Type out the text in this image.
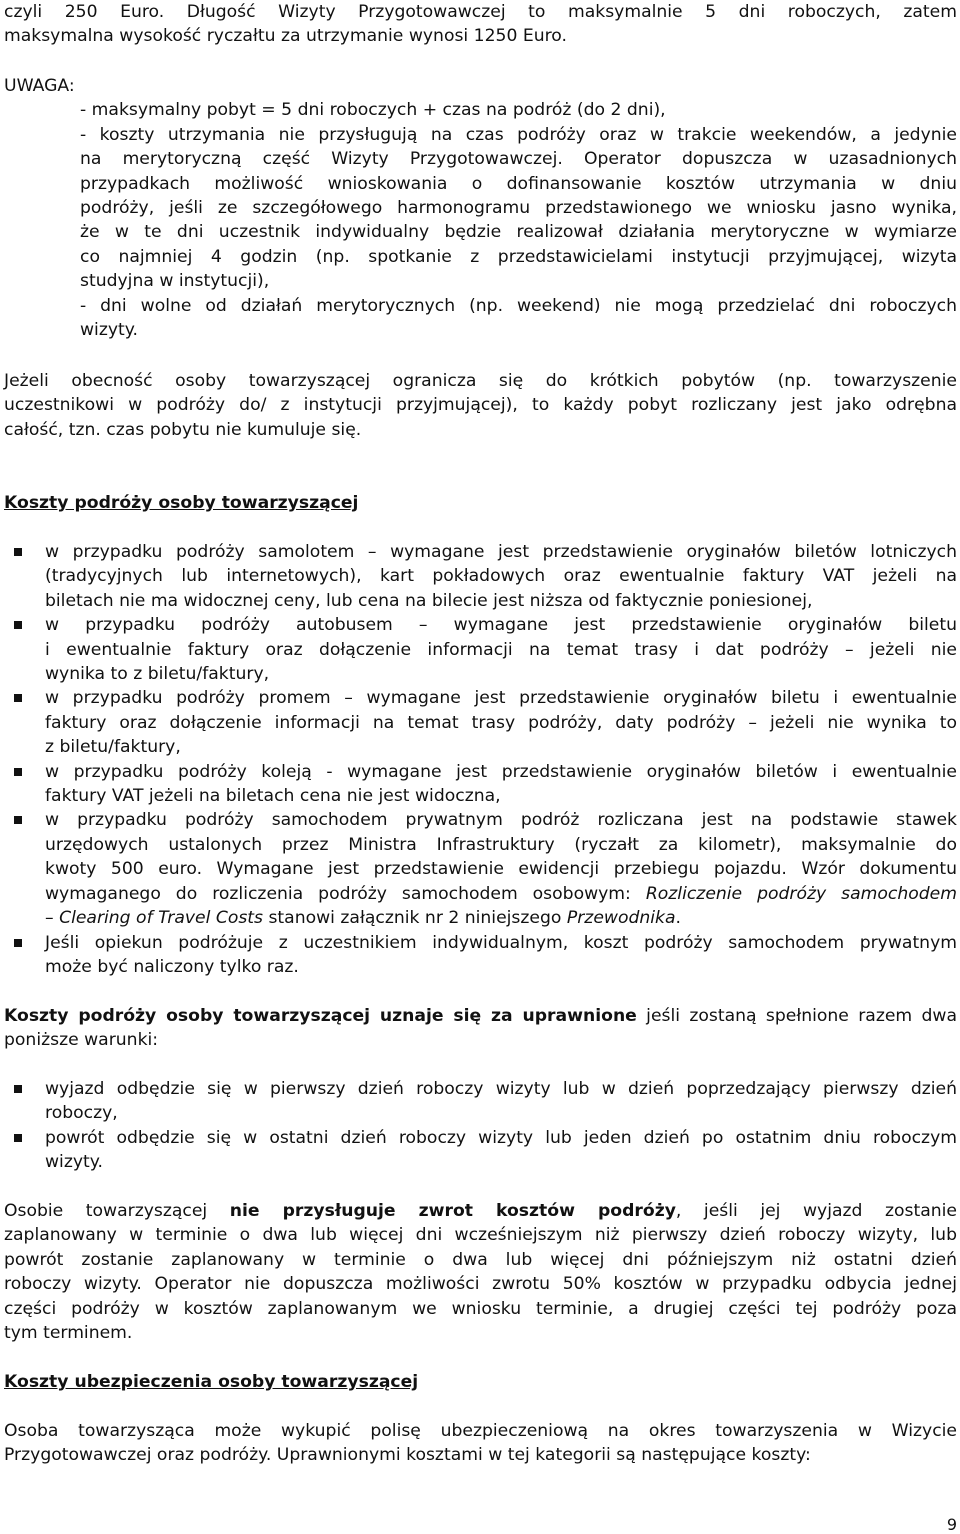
czyli 250 Euro. Długość Wizyty Przygotowawczej to maksymalnie 5 dni roboczych, zatem
maksymalna wysokość ryczałtu za utrzymanie wynosi 1250 Euro.
UWAGA:
- maksymalny pobyt = 5 dni roboczych + czas na podróż (do 2 dni),
- koszty utrzymania nie przysługują na czas podróży oraz w trakcie weekendów, a jedynie
na merytoryczną część Wizyty Przygotowawczej. Operator dopuszcza w uzasadnionych
przypadkach możliwość wnioskowania o dofinansowanie kosztów utrzymania w dniu
podróży, jeśli ze szczegółowego harmonogramu przedstawionego we wniosku jasno wynika,
że w te dni uczestnik indywidualny będzie realizował działania merytoryczne w wymiarze
co najmniej 4 godzin (np. spotkanie z przedstawicielami instytucji przyjmującej, wizyta
studyjna w instytucji),
- dni wolne od działań merytorycznych (np. weekend) nie mogą przedzielać dni roboczych
wizyty.
Jeżeli obecność osoby towarzyszącej ogranicza się do krótkich pobytów (np. towarzyszenie
uczestnikowi w podróży do/ z instytucji przyjmującej), to każdy pobyt rozliczany jest jako odrębna
całość, tzn. czas pobytu nie kumuluje się.
Koszty podróży osoby towarzyszącej
w przypadku podróży samolotem – wymagane jest przedstawienie oryginałów biletów lotniczych
(tradycyjnych lub internetowych), kart pokładowych oraz ewentualnie faktury VAT jeżeli na
biletach nie ma widocznej ceny, lub cena na bilecie jest niższa od faktycznie poniesionej,
w przypadku podróży autobusem – wymagane jest przedstawienie oryginałów biletu
i ewentualnie faktury oraz dołączenie informacji na temat trasy i dat podróży – jeżeli nie
wynika to z biletu/faktury,
w przypadku podróży promem – wymagane jest przedstawienie oryginałów biletu i ewentualnie
faktury oraz dołączenie informacji na temat trasy podróży, daty podróży – jeżeli nie wynika to
z biletu/faktury,
w przypadku podróży koleją - wymagane jest przedstawienie oryginałów biletów i ewentualnie
faktury VAT jeżeli na biletach cena nie jest widoczna,
w przypadku podróży samochodem prywatnym podróż rozliczana jest na podstawie stawek
urzędowych ustalonych przez Ministra Infrastruktury (ryczałt za kilometr), maksymalnie do
kwoty 500 euro. Wymagane jest przedstawienie ewidencji przebiegu pojazdu. Wzór dokumentu
wymaganego do rozliczenia podróży samochodem osobowym: Rozliczenie podróży samochodem
– Clearing of Travel Costs stanowi załącznik nr 2 niniejszego Przewodnika.
Jeśli opiekun podróżuje z uczestnikiem indywidualnym, koszt podróży samochodem prywatnym
może być naliczony tylko raz.
Koszty podróży osoby towarzyszącej uznaje się za uprawnione jeśli zostaną spełnione razem dwa
poniższe warunki:
wyjazd odbędzie się w pierwszy dzień roboczy wizyty lub w dzień poprzedzający pierwszy dzień
roboczy,
powrót odbędzie się w ostatni dzień roboczy wizyty lub jeden dzień po ostatnim dniu roboczym
wizyty.
Osobie towarzyszącej nie przysługuje zwrot kosztów podróży, jeśli jej wyjazd zostanie
zaplanowany w terminie o dwa lub więcej dni wcześniejszym niż pierwszy dzień roboczy wizyty, lub
powrót zostanie zaplanowany w terminie o dwa lub więcej dni późniejszym niż ostatni dzień
roboczy wizyty. Operator nie dopuszcza możliwości zwrotu 50% kosztów w przypadku odbycia jednej
części podróży w kosztów zaplanowanym we wniosku terminie, a drugiej części tej podróży poza
tym terminem.
Koszty ubezpieczenia osoby towarzyszącej
Osoba towarzysząca może wykupić polisę ubezpieczeniową na okres towarzyszenia w Wizycie
Przygotowawczej oraz podróży. Uprawnionymi kosztami w tej kategorii są następujące koszty:
9
